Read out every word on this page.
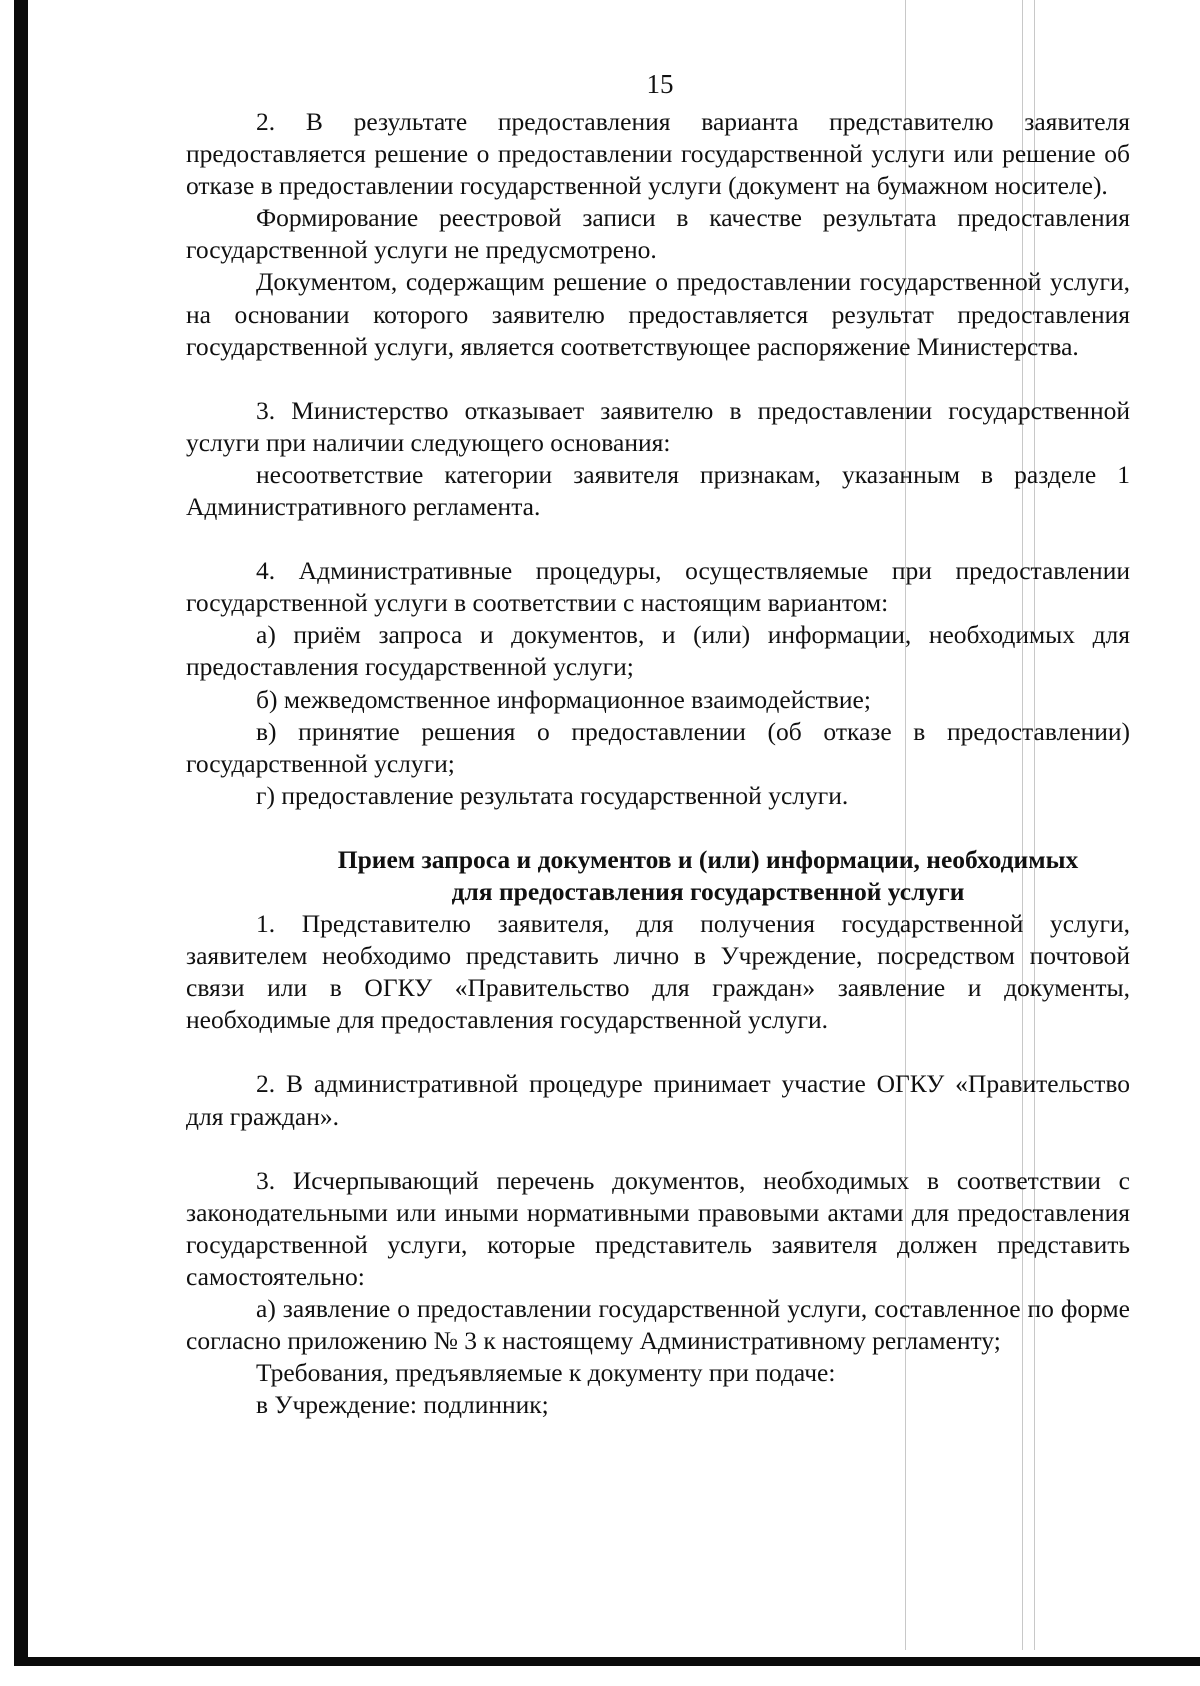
15

2. В результате предоставления варианта представителю заявителя предоставляется решение о предоставлении государственной услуги или решение об отказе в предоставлении государственной услуги (документ на бумажном носителе).

Формирование реестровой записи в качестве результата предоставления государственной услуги не предусмотрено.

Документом, содержащим решение о предоставлении государственной услуги, на основании которого заявителю предоставляется результат предоставления государственной услуги, является соответствующее распоряжение Министерства.

3. Министерство отказывает заявителю в предоставлении государственной услуги при наличии следующего основания:

несоответствие категории заявителя признакам, указанным в разделе 1 Административного регламента.

4. Административные процедуры, осуществляемые при предоставлении государственной услуги в соответствии с настоящим вариантом:

а) приём запроса и документов, и (или) информации, необходимых для предоставления государственной услуги;

б) межведомственное информационное взаимодействие;

в) принятие решения о предоставлении (об отказе в предоставлении) государственной услуги;

г) предоставление результата государственной услуги.

Прием запроса и документов и (или) информации, необходимых
для предоставления государственной услуги

1. Представителю заявителя, для получения государственной услуги, заявителем необходимо представить лично в Учреждение, посредством почтовой связи или в ОГКУ «Правительство для граждан» заявление и документы, необходимые для предоставления государственной услуги.

2. В административной процедуре принимает участие ОГКУ «Правительство для граждан».

3. Исчерпывающий перечень документов, необходимых в соответствии с законодательными или иными нормативными правовыми актами для предоставления государственной услуги, которые представитель заявителя должен представить самостоятельно:

а) заявление о предоставлении государственной услуги, составленное по форме согласно приложению № 3 к настоящему Административному регламенту;

Требования, предъявляемые к документу при подаче:

в Учреждение: подлинник;
